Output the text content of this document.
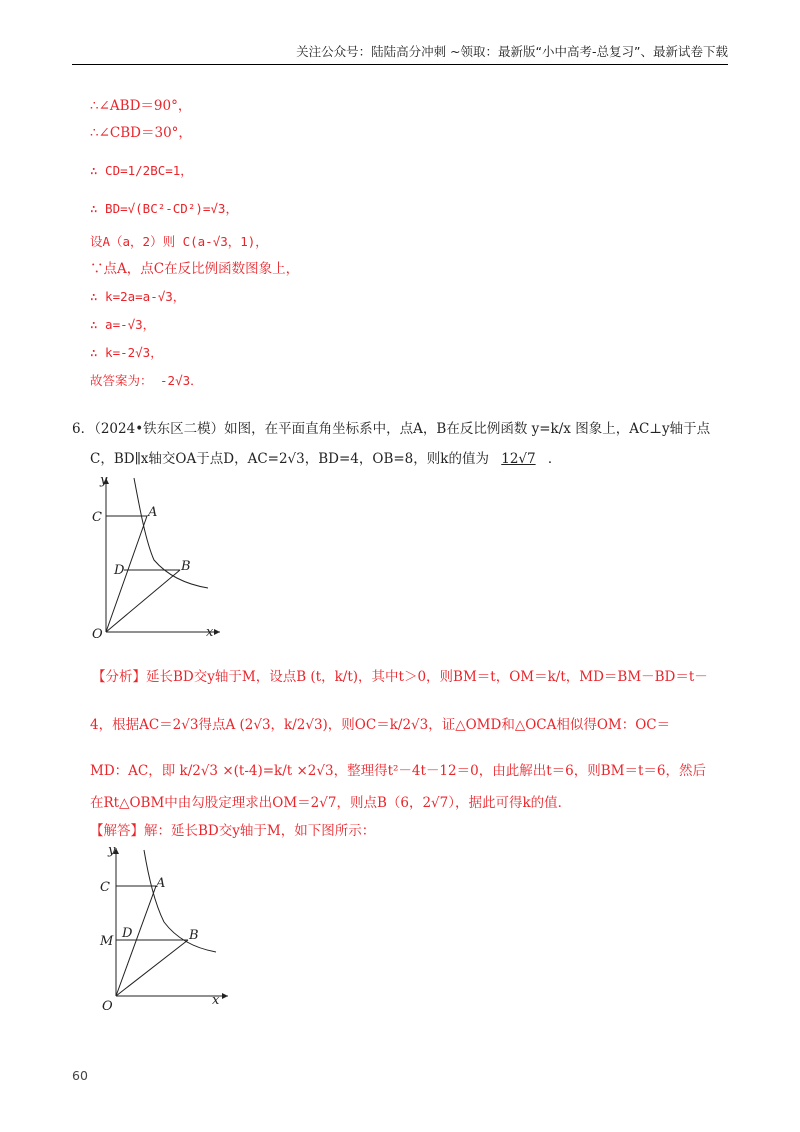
关注公众号：陆陆高分冲刺 ~领取：最新版“小中高考-总复习”、最新试卷下载
∴∠ABD＝90°，
∴∠CBD＝30°，
∴ CD=1/2BC=1，
∴ BD=√(BC²-CD²)=√3，
设A（a，2）则 C(a-√3，1)，
∵点A，点C在反比例函数图象上，
∴ k=2a=a-√3，
∴ a=-√3，
∴ k=-2√3，
故答案为： -2√3．
6．（2024•铁东区二模）如图，在平面直角坐标系中，点A，B在反比例函数 y=k/x 图象上，AC⊥y轴于点
C，BD∥x轴交OA于点D，AC=2√3，BD=4，OB=8，则k的值为 12√7 ．
y
x
O
C	A
D	B
【分析】延长BD交y轴于M，设点B (t，k/t)，其中t＞0，则BM＝t，OM＝k/t，MD＝BM－BD＝t－
4，根据AC＝2√3得点A (2√3，k/2√3)，则OC＝k/2√3，证△OMD和△OCA相似得OM：OC＝
MD：AC，即 k/2√3 ×(t-4)=k/t ×2√3，整理得t²－4t－12＝0，由此解出t＝6，则BM＝t＝6，然后
在Rt△OBM中由勾股定理求出OM＝2√7，则点B（6，2√7），据此可得k的值．
【解答】解：延长BD交y轴于M，如下图所示：
y
x
O
C	A
M
D	B
60
